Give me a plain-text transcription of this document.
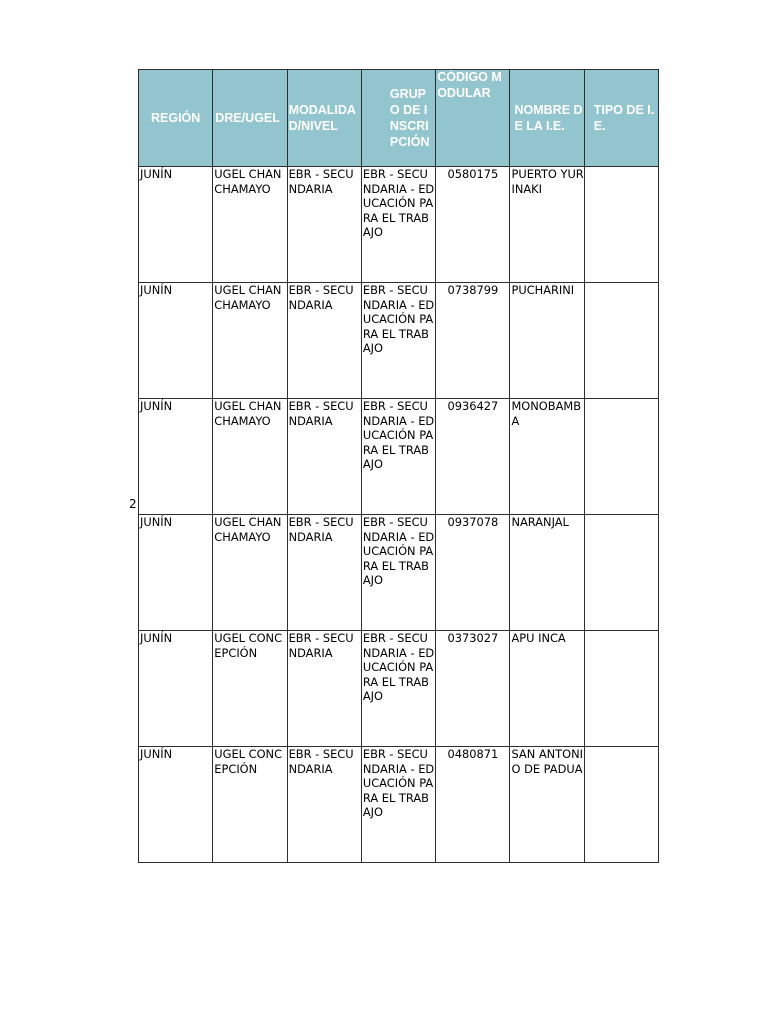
2
REGIÓN	DRE/UGEL	MODALIDAD/NIVEL	GRUPO DE INSCRIPCIÓN	CÓDIGO MODULAR	NOMBRE DE LA I.E.	TIPO DE I.E.

JUNÍN	UGEL CHANCHAMAYO	EBR - SECUNDARIA	EBR - SECUNDARIA - EDUCACIÓN PARA EL TRABAJO	0580175	PUERTO YURINAKI	

JUNÍN	UGEL CHANCHAMAYO	EBR - SECUNDARIA	EBR - SECUNDARIA - EDUCACIÓN PARA EL TRABAJO	0738799	PUCHARINI	

JUNÍN	UGEL CHANCHAMAYO	EBR - SECUNDARIA	EBR - SECUNDARIA - EDUCACIÓN PARA EL TRABAJO	0936427	MONOBAMBA	

JUNÍN	UGEL CHANCHAMAYO	EBR - SECUNDARIA	EBR - SECUNDARIA - EDUCACIÓN PARA EL TRABAJO	0937078	NARANJAL	

JUNÍN	UGEL CONCEPCIÓN	EBR - SECUNDARIA	EBR - SECUNDARIA - EDUCACIÓN PARA EL TRABAJO	0373027	APU INCA	

JUNÍN	UGEL CONCEPCIÓN	EBR - SECUNDARIA	EBR - SECUNDARIA - EDUCACIÓN PARA EL TRABAJO	0480871	SAN ANTONIO DE PADUA	
